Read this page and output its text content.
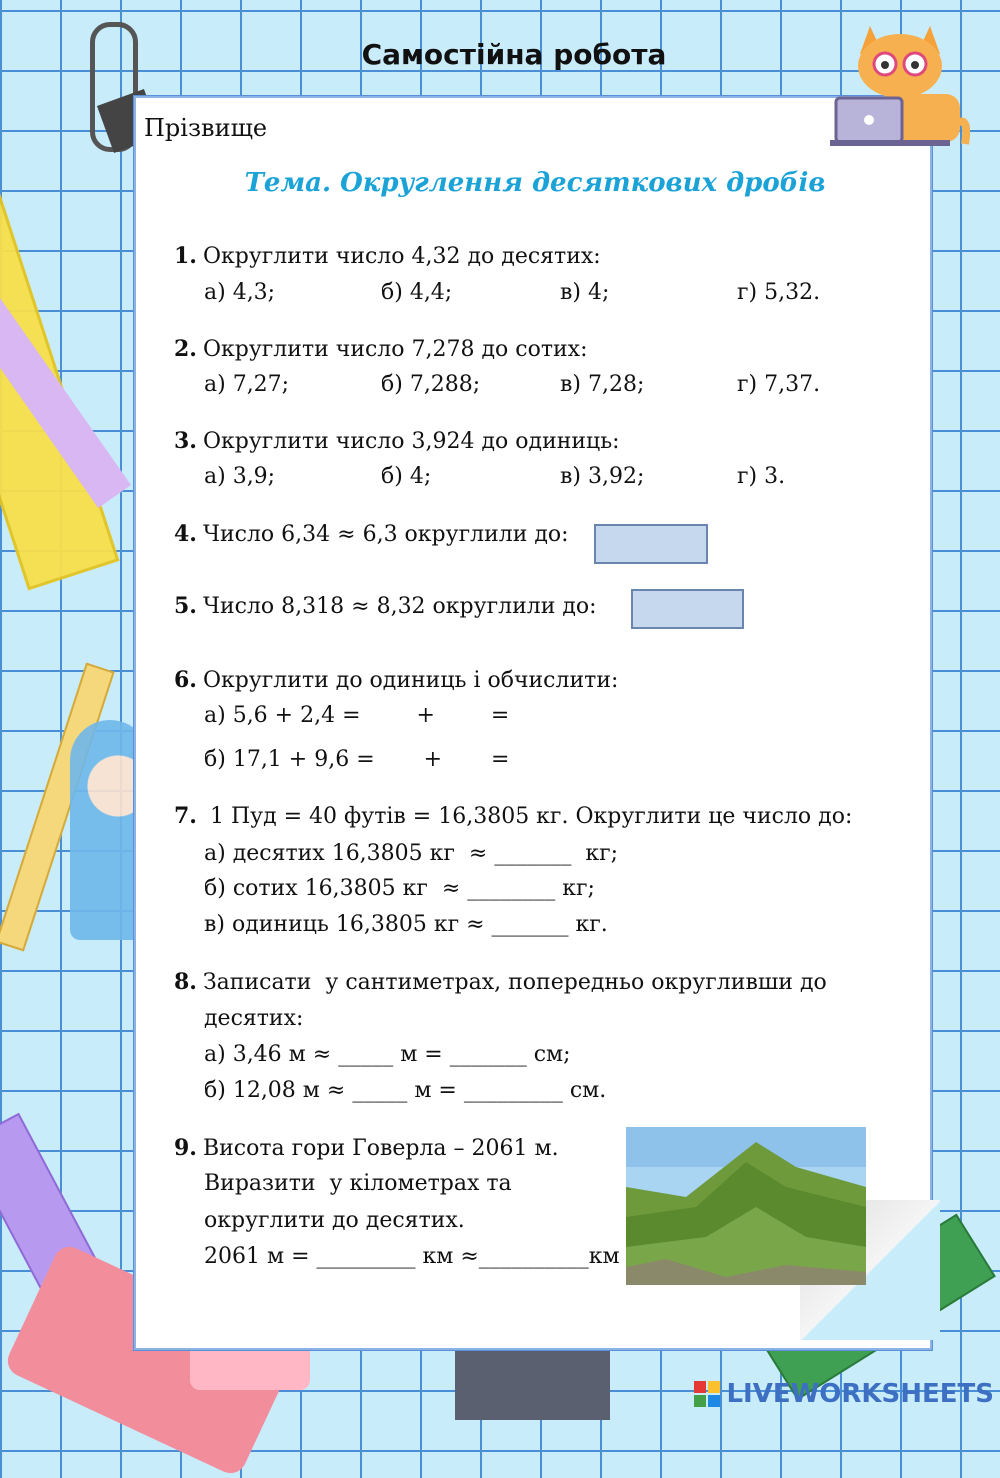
Самостійна робота
Прізвище
Тема. Округлення десяткових дробів
1. Округлити число 4,32 до десятих:
а) 4,3;	б) 4,4;	в) 4;	г) 5,32.
2. Округлити число 7,278 до сотих:
а) 7,27;	б) 7,288;	в) 7,28;	г) 7,37.
3. Округлити число 3,924 до одиниць:
а) 3,9;	б) 4;	в) 3,92;	г) 3.
4. Число 6,34 ≈ 6,3 округлили до:
5. Число 8,318 ≈ 8,32 округлили до:
6. Округлити до одиниць і обчислити:
а) 5,6 + 2,4 =        +        =
б) 17,1 + 9,6 =       +       =
7. 1 Пуд = 40 футів = 16,3805 кг. Округлити це число до:
а) десятих 16,3805 кг  ≈ _______  кг;
б) сотих 16,3805 кг  ≈ ________ кг;
в) одиниць 16,3805 кг ≈ _______ кг.
8. Записати  у сантиметрах, попередньо округливши до
десятих:
а) 3,46 м ≈ _____ м = _______ см;
б) 12,08 м ≈ _____ м = _________ см.
9. Висота гори Говерла – 2061 м.
Виразити  у кілометрах та
округлити до десятих.
2061 м = _________ км ≈__________км
LIVEWORKSHEETS
